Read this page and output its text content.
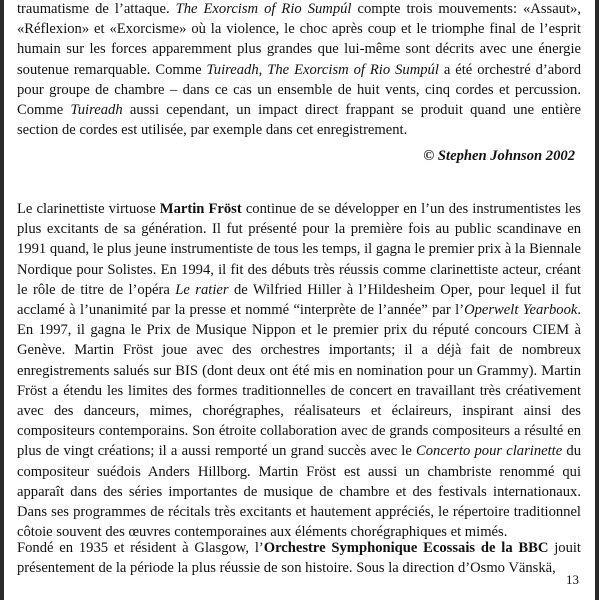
traumatisme de l’attaque. The Exorcism of Rio Sumpúl compte trois mouvements: «Assaut», «Réflexion» et «Exorcisme» où la violence, le choc après coup et le triomphe final de l’esprit humain sur les forces apparemment plus grandes que lui-même sont décrits avec une énergie soutenue remarquable. Comme Tuireadh, The Exorcism of Rio Sumpúl a été orchestré d’abord pour groupe de chambre – dans ce cas un ensemble de huit vents, cinq cordes et percussion. Comme Tuireadh aussi cependant, un impact direct frappant se produit quand une entière section de cordes est utilisée, par exemple dans cet enregistrement.

© Stephen Johnson 2002

Le clarinettiste virtuose Martin Fröst continue de se développer en l’un des instrumentistes les plus excitants de sa génération. Il fut présenté pour la première fois au public scandinave en 1991 quand, le plus jeune instrumentiste de tous les temps, il gagna le premier prix à la Biennale Nordique pour Solistes. En 1994, il fit des débuts très réussis comme clarinettiste acteur, créant le rôle de titre de l’opéra Le ratier de Wilfried Hiller à l’Hildesheim Oper, pour lequel il fut acclamé à l’unanimité par la presse et nommé “interprète de l’année” par l’Operwelt Yearbook. En 1997, il gagna le Prix de Musique Nippon et le premier prix du réputé concours CIEM à Genève. Martin Fröst joue avec des orchestres importants; il a déjà fait de nombreux enregistrements salués sur BIS (dont deux ont été mis en nomination pour un Grammy). Martin Fröst a étendu les limites des formes traditionnelles de concert en travaillant très créativement avec des danceurs, mimes, chorégraphes, réalisateurs et éclaireurs, inspirant ainsi des compositeurs contemporains. Son étroite collaboration avec de grands compositeurs a résulté en plus de vingt créations; il a aussi remporté un grand succès avec le Concerto pour clarinette du compositeur suédois Anders Hillborg. Martin Fröst est aussi un chambriste renommé qui apparaît dans des séries importantes de musique de chambre et des festivals internationaux. Dans ses programmes de récitals très excitants et hautement appréciés, le répertoire traditionnel côtoie souvent des œuvres contemporaines aux éléments chorégraphiques et mimés.

Fondé en 1935 et résident à Glasgow, l’Orchestre Symphonique Ecossais de la BBC jouit présentement de la période la plus réussie de son histoire. Sous la direction d’Osmo Vänskä,

13
